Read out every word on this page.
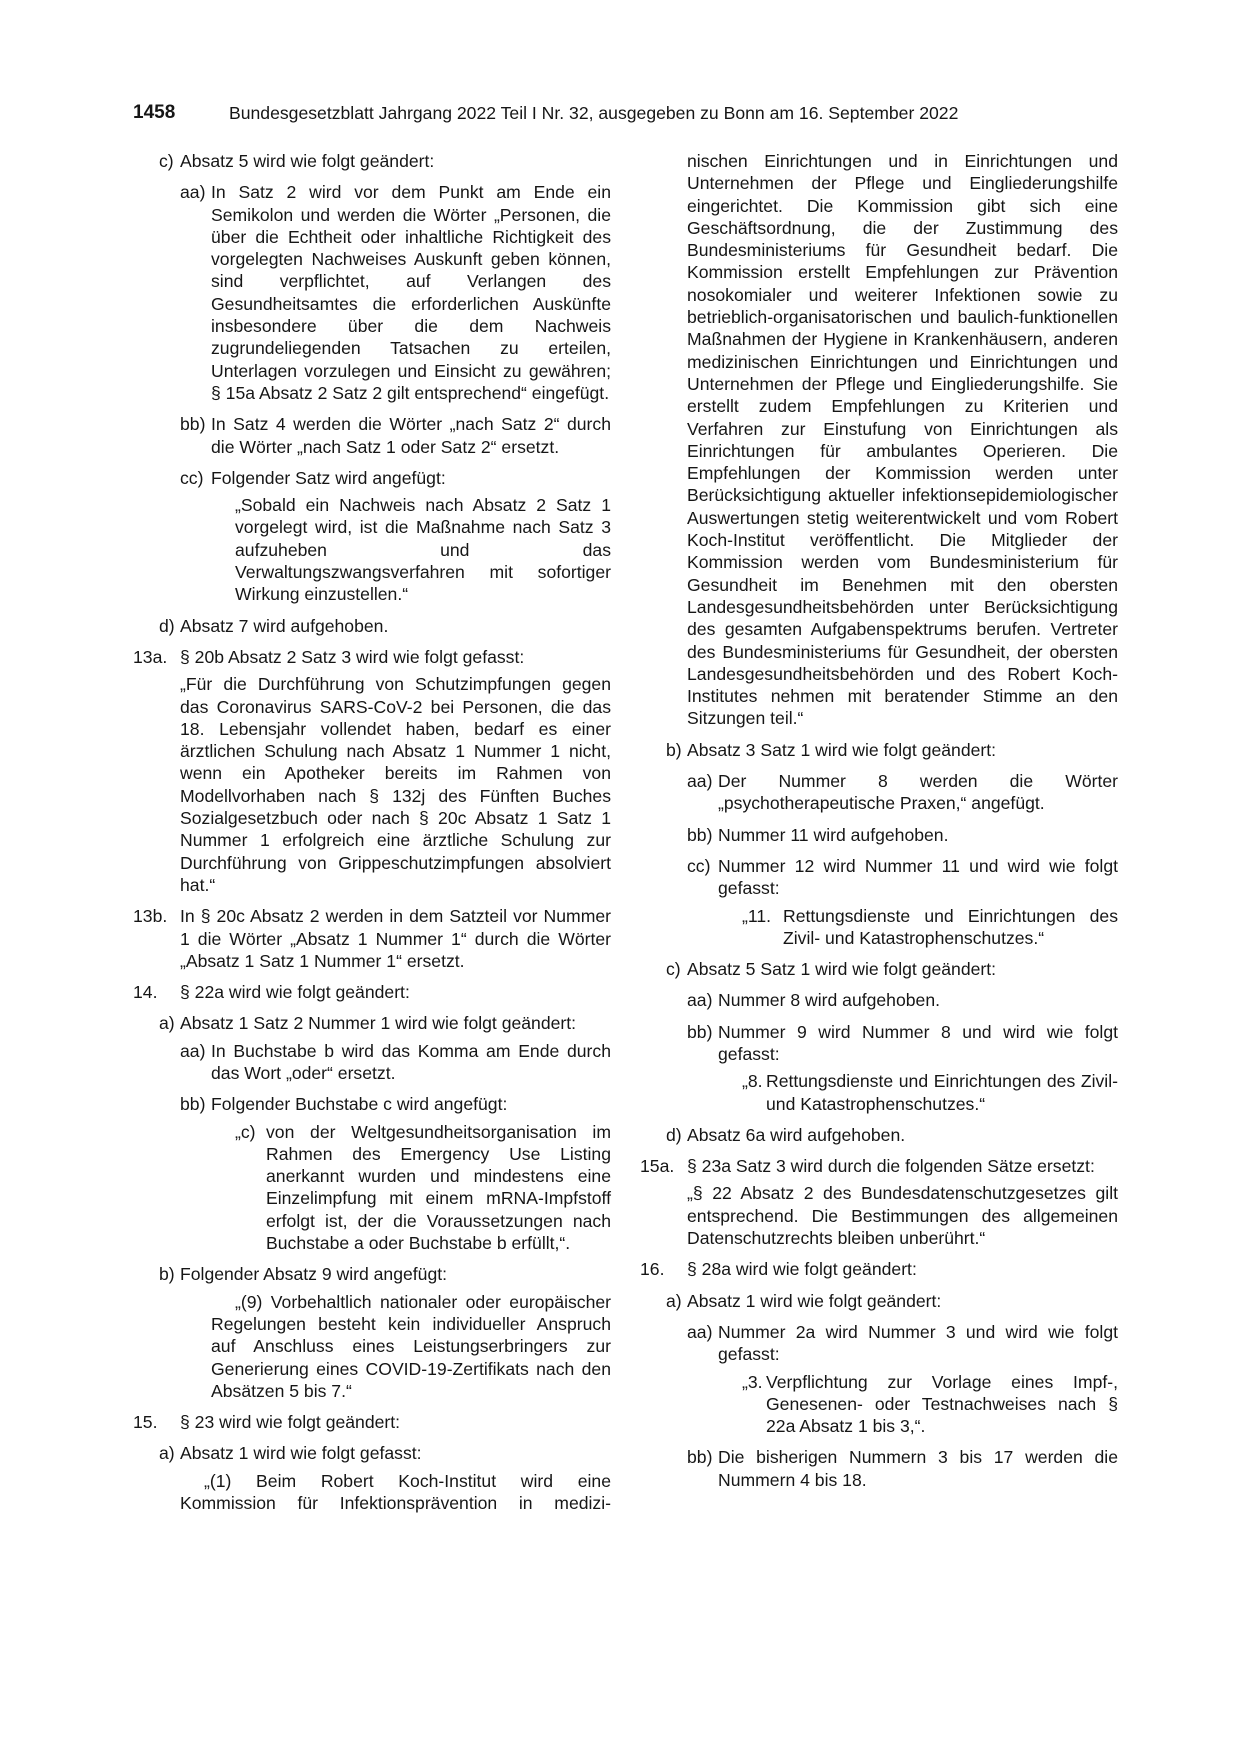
1458	Bundesgesetzblatt Jahrgang 2022 Teil I Nr. 32, ausgegeben zu Bonn am 16. September 2022
c) Absatz 5 wird wie folgt geändert:

aa) In Satz 2 wird vor dem Punkt am Ende ein Semikolon und werden die Wörter „Personen, die über die Echtheit oder inhaltliche Richtigkeit des vorgelegten Nachweises Auskunft geben können, sind verpflichtet, auf Verlangen des Gesundheitsamtes die erforderlichen Auskünfte insbesondere über die dem Nachweis zugrundeliegenden Tatsachen zu erteilen, Unterlagen vorzulegen und Einsicht zu gewähren; § 15a Absatz 2 Satz 2 gilt entsprechend“ eingefügt.

bb) In Satz 4 werden die Wörter „nach Satz 2“ durch die Wörter „nach Satz 1 oder Satz 2“ ersetzt.

cc) Folgender Satz wird angefügt:

„Sobald ein Nachweis nach Absatz 2 Satz 1 vorgelegt wird, ist die Maßnahme nach Satz 3 aufzuheben und das Verwaltungszwangsverfahren mit sofortiger Wirkung einzustellen.“

d) Absatz 7 wird aufgehoben.

13a. § 20b Absatz 2 Satz 3 wird wie folgt gefasst:

„Für die Durchführung von Schutzimpfungen gegen das Coronavirus SARS-CoV-2 bei Personen, die das 18. Lebensjahr vollendet haben, bedarf es einer ärztlichen Schulung nach Absatz 1 Nummer 1 nicht, wenn ein Apotheker bereits im Rahmen von Modellvorhaben nach § 132j des Fünften Buches Sozialgesetzbuch oder nach § 20c Absatz 1 Satz 1 Nummer 1 erfolgreich eine ärztliche Schulung zur Durchführung von Grippeschutzimpfungen absolviert hat.“

13b. In § 20c Absatz 2 werden in dem Satzteil vor Nummer 1 die Wörter „Absatz 1 Nummer 1“ durch die Wörter „Absatz 1 Satz 1 Nummer 1“ ersetzt.

14. § 22a wird wie folgt geändert:

a) Absatz 1 Satz 2 Nummer 1 wird wie folgt geändert:

aa) In Buchstabe b wird das Komma am Ende durch das Wort „oder“ ersetzt.

bb) Folgender Buchstabe c wird angefügt:

„c) von der Weltgesundheitsorganisation im Rahmen des Emergency Use Listing anerkannt wurden und mindestens eine Einzelimpfung mit einem mRNA-Impfstoff erfolgt ist, der die Voraussetzungen nach Buchstabe a oder Buchstabe b erfüllt,“.

b) Folgender Absatz 9 wird angefügt:

„(9) Vorbehaltlich nationaler oder europäischer Regelungen besteht kein individueller Anspruch auf Anschluss eines Leistungserbringers zur Generierung eines COVID-19-Zertifikats nach den Absätzen 5 bis 7.“

15. § 23 wird wie folgt geändert:

a) Absatz 1 wird wie folgt gefasst:

„(1) Beim Robert Koch-Institut wird eine Kommission für Infektionsprävention in medizi-

nischen Einrichtungen und in Einrichtungen und Unternehmen der Pflege und Eingliederungshilfe eingerichtet. Die Kommission gibt sich eine Geschäftsordnung, die der Zustimmung des Bundesministeriums für Gesundheit bedarf. Die Kommission erstellt Empfehlungen zur Prävention nosokomialer und weiterer Infektionen sowie zu betrieblich-organisatorischen und baulich-funktionellen Maßnahmen der Hygiene in Krankenhäusern, anderen medizinischen Einrichtungen und Einrichtungen und Unternehmen der Pflege und Eingliederungshilfe. Sie erstellt zudem Empfehlungen zu Kriterien und Verfahren zur Einstufung von Einrichtungen als Einrichtungen für ambulantes Operieren. Die Empfehlungen der Kommission werden unter Berücksichtigung aktueller infektionsepidemiologischer Auswertungen stetig weiterentwickelt und vom Robert Koch-Institut veröffentlicht. Die Mitglieder der Kommission werden vom Bundesministerium für Gesundheit im Benehmen mit den obersten Landesgesundheitsbehörden unter Berücksichtigung des gesamten Aufgabenspektrums berufen. Vertreter des Bundesministeriums für Gesundheit, der obersten Landesgesundheitsbehörden und des Robert Koch-Institutes nehmen mit beratender Stimme an den Sitzungen teil.“

b) Absatz 3 Satz 1 wird wie folgt geändert:

aa) Der Nummer 8 werden die Wörter „psychotherapeutische Praxen,“ angefügt.

bb) Nummer 11 wird aufgehoben.

cc) Nummer 12 wird Nummer 11 und wird wie folgt gefasst:

„11. Rettungsdienste und Einrichtungen des Zivil- und Katastrophenschutzes.“

c) Absatz 5 Satz 1 wird wie folgt geändert:

aa) Nummer 8 wird aufgehoben.

bb) Nummer 9 wird Nummer 8 und wird wie folgt gefasst:

„8. Rettungsdienste und Einrichtungen des Zivil- und Katastrophenschutzes.“

d) Absatz 6a wird aufgehoben.

15a. § 23a Satz 3 wird durch die folgenden Sätze ersetzt:

„§ 22 Absatz 2 des Bundesdatenschutzgesetzes gilt entsprechend. Die Bestimmungen des allgemeinen Datenschutzrechts bleiben unberührt.“

16. § 28a wird wie folgt geändert:

a) Absatz 1 wird wie folgt geändert:

aa) Nummer 2a wird Nummer 3 und wird wie folgt gefasst:

„3. Verpflichtung zur Vorlage eines Impf-, Genesenen- oder Testnachweises nach § 22a Absatz 1 bis 3,“.

bb) Die bisherigen Nummern 3 bis 17 werden die Nummern 4 bis 18.
